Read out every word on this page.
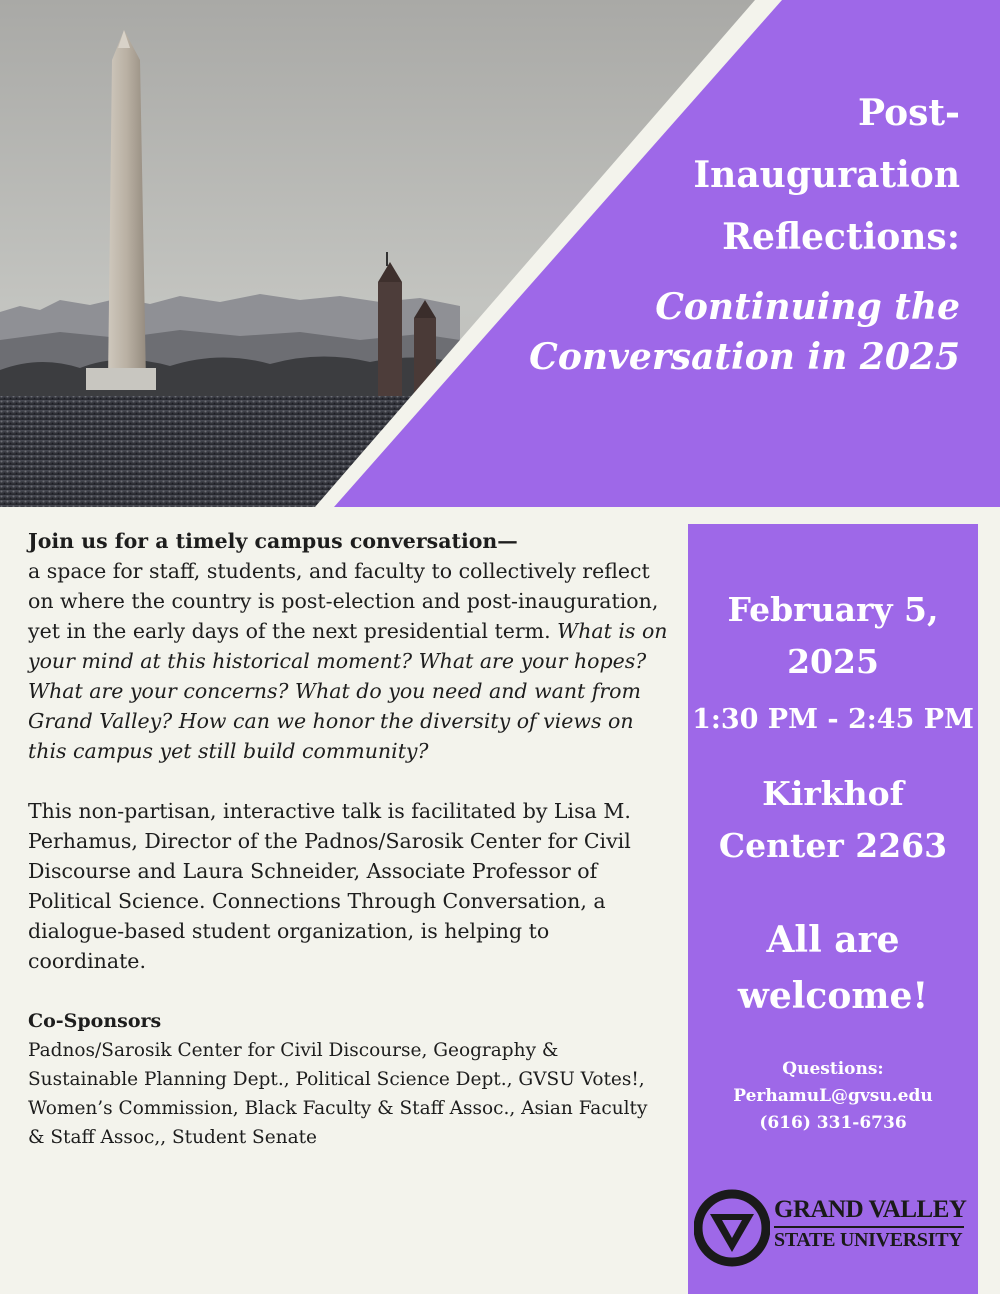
Post-
Inauguration
Reflections:
Continuing the
Conversation in 2025

Join us for a timely campus conversation—
a space for staff, students, and faculty to collectively reflect on where the country is post-election and post-inauguration, yet in the early days of the next presidential term. What is on your mind at this historical moment? What are your hopes? What are your concerns? What do you need and want from Grand Valley? How can we honor the diversity of views on this campus yet still build community?

This non-partisan, interactive talk is facilitated by Lisa M. Perhamus, Director of the Padnos/Sarosik Center for Civil Discourse and Laura Schneider, Associate Professor of Political Science. Connections Through Conversation, a dialogue-based student organization, is helping to coordinate.

Co-Sponsors

Padnos/Sarosik Center for Civil Discourse, Geography & Sustainable Planning Dept., Political Science Dept., GVSU Votes!, Women’s Commission, Black Faculty & Staff Assoc., Asian Faculty & Staff Assoc,, Student Senate

February 5,
2025
1:30 PM - 2:45 PM
Kirkhof
Center 2263
All are
welcome!
Questions:
PerhamuL@gvsu.edu
(616) 331-6736
GRAND VALLEY
STATE UNIVERSITY
